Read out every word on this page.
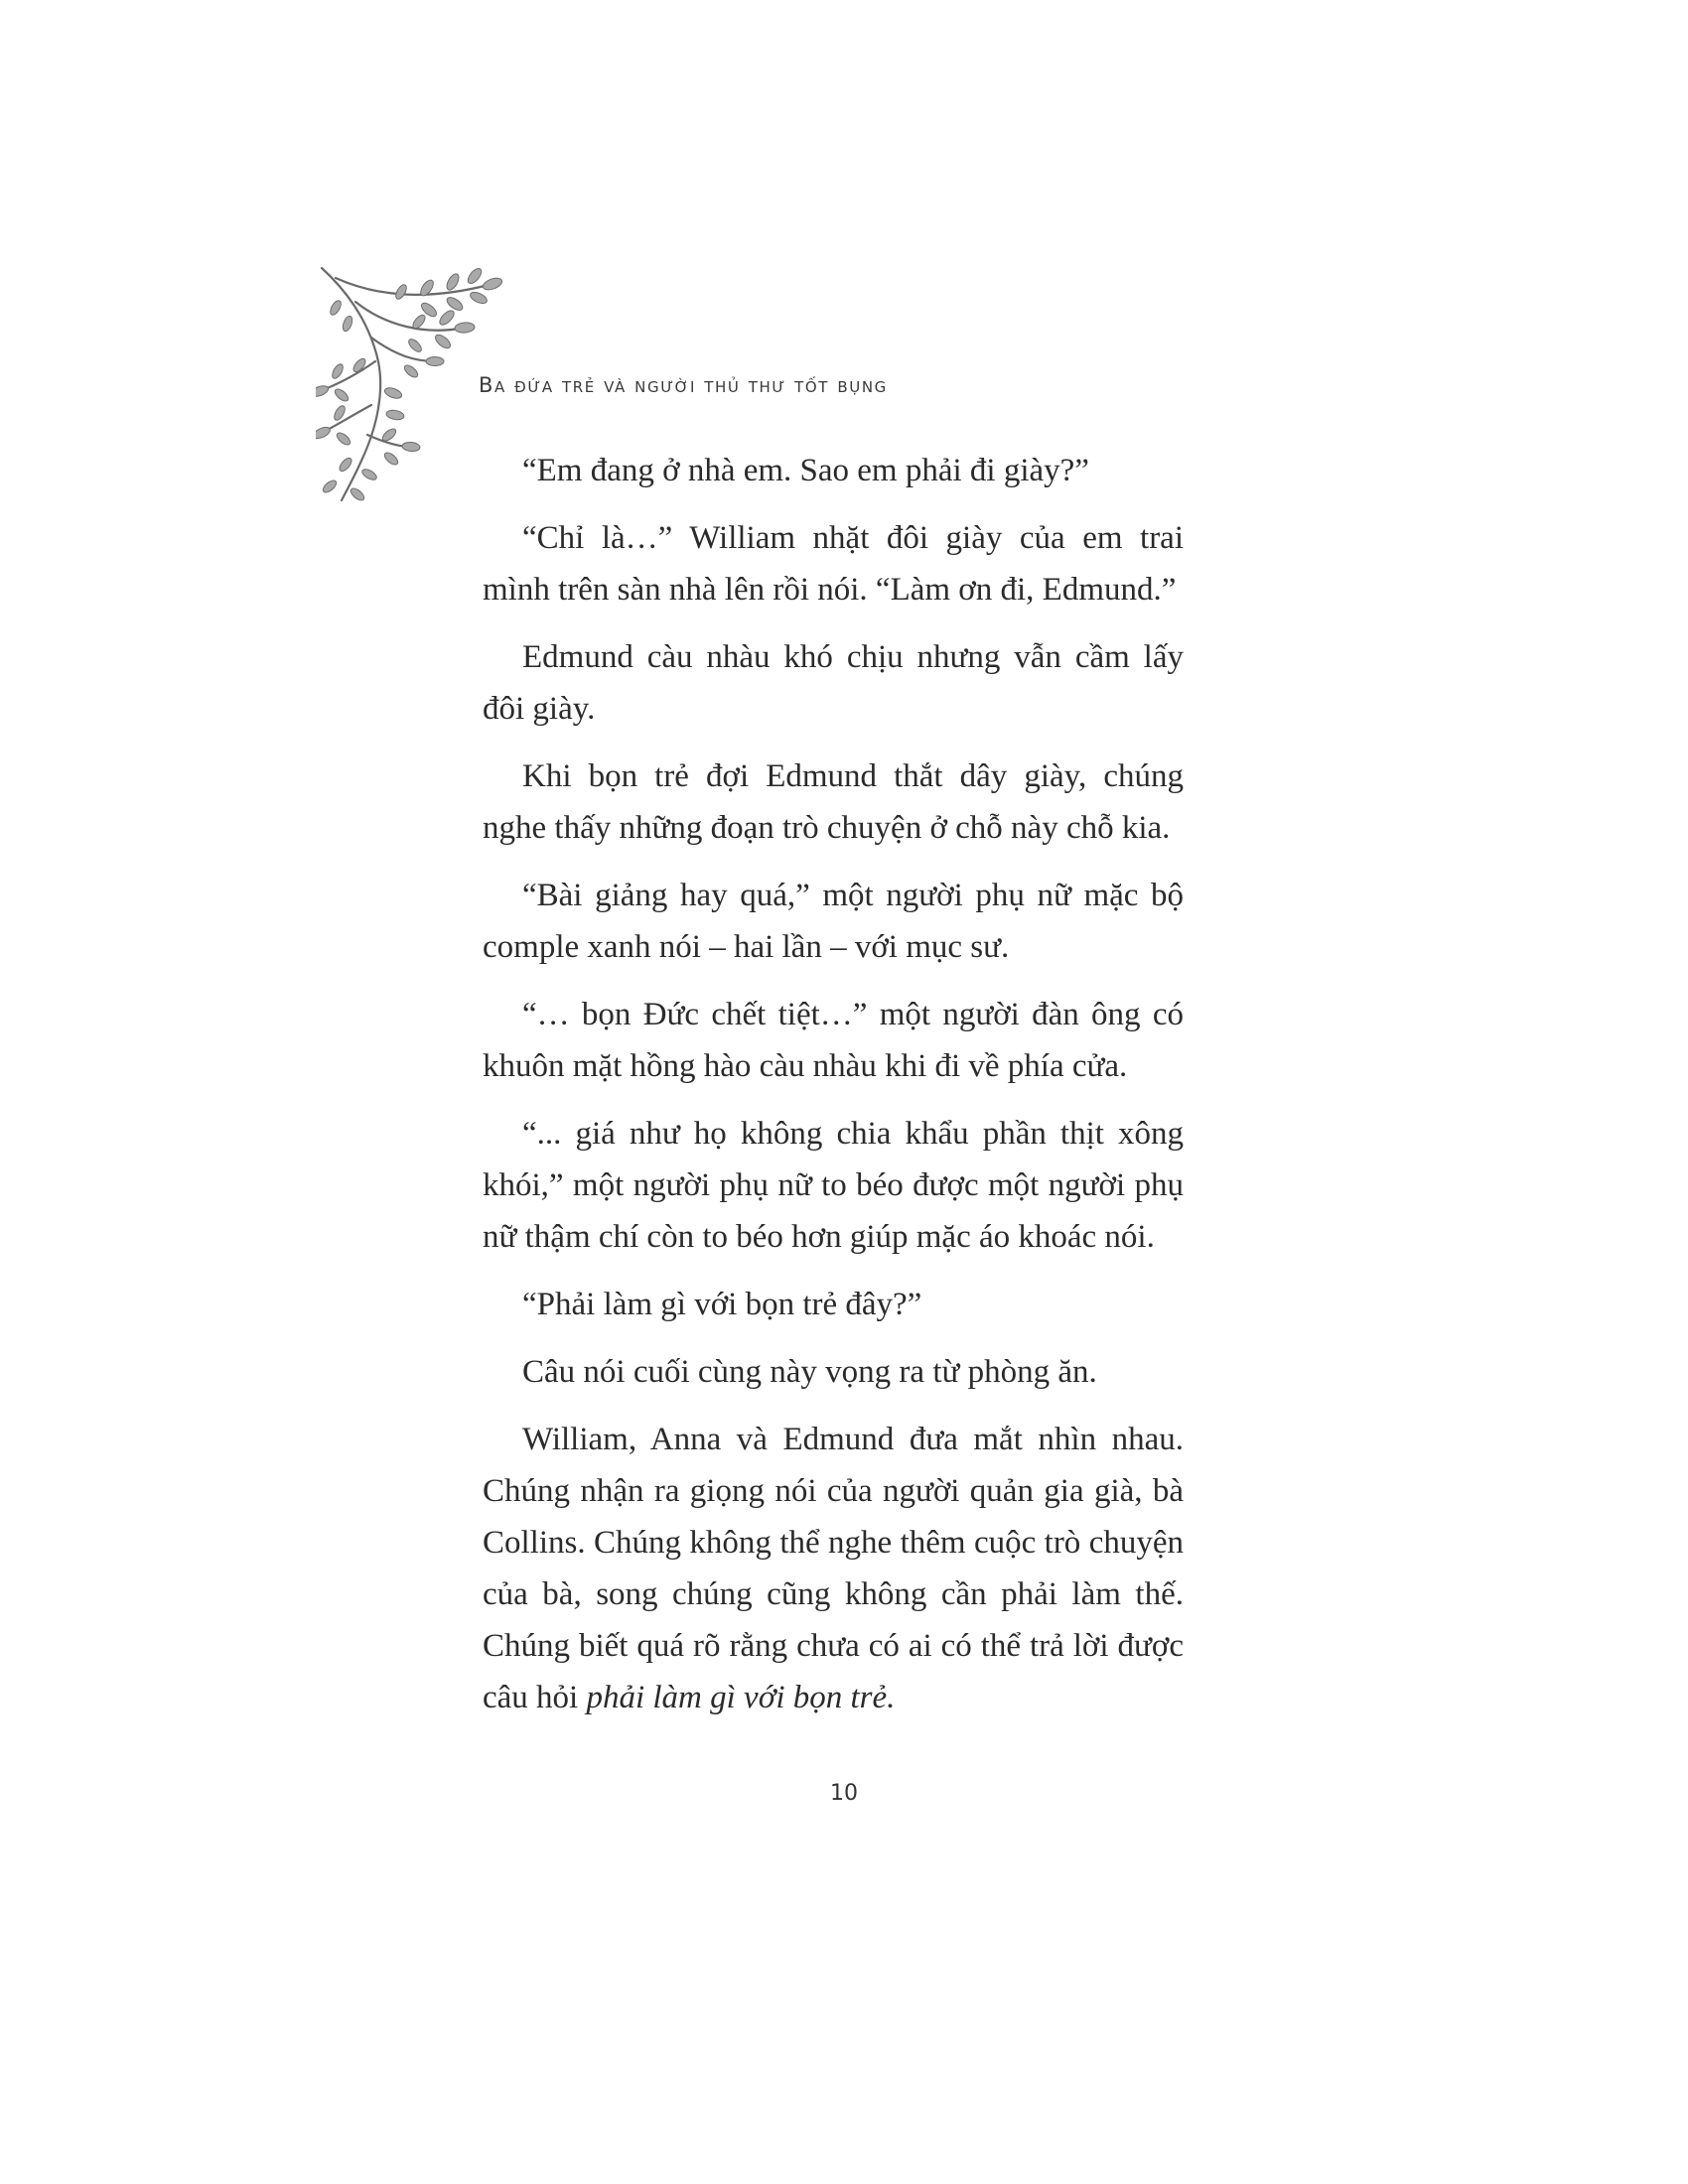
Ba đứa trẻ và người thủ thư tốt bụng

“Em đang ở nhà em. Sao em phải đi giày?”

“Chỉ là…” William nhặt đôi giày của em trai mình trên sàn nhà lên rồi nói. “Làm ơn đi, Edmund.”

Edmund càu nhàu khó chịu nhưng vẫn cầm lấy đôi giày.

Khi bọn trẻ đợi Edmund thắt dây giày, chúng nghe thấy những đoạn trò chuyện ở chỗ này chỗ kia.

“Bài giảng hay quá,” một người phụ nữ mặc bộ comple xanh nói – hai lần – với mục sư.

“… bọn Đức chết tiệt…” một người đàn ông có khuôn mặt hồng hào càu nhàu khi đi về phía cửa.

“... giá như họ không chia khẩu phần thịt xông khói,” một người phụ nữ to béo được một người phụ nữ thậm chí còn to béo hơn giúp mặc áo khoác nói.

“Phải làm gì với bọn trẻ đây?”

Câu nói cuối cùng này vọng ra từ phòng ăn.

William, Anna và Edmund đưa mắt nhìn nhau. Chúng nhận ra giọng nói của người quản gia già, bà Collins. Chúng không thể nghe thêm cuộc trò chuyện của bà, song chúng cũng không cần phải làm thế. Chúng biết quá rõ rằng chưa có ai có thể trả lời được câu hỏi phải làm gì với bọn trẻ.

10
